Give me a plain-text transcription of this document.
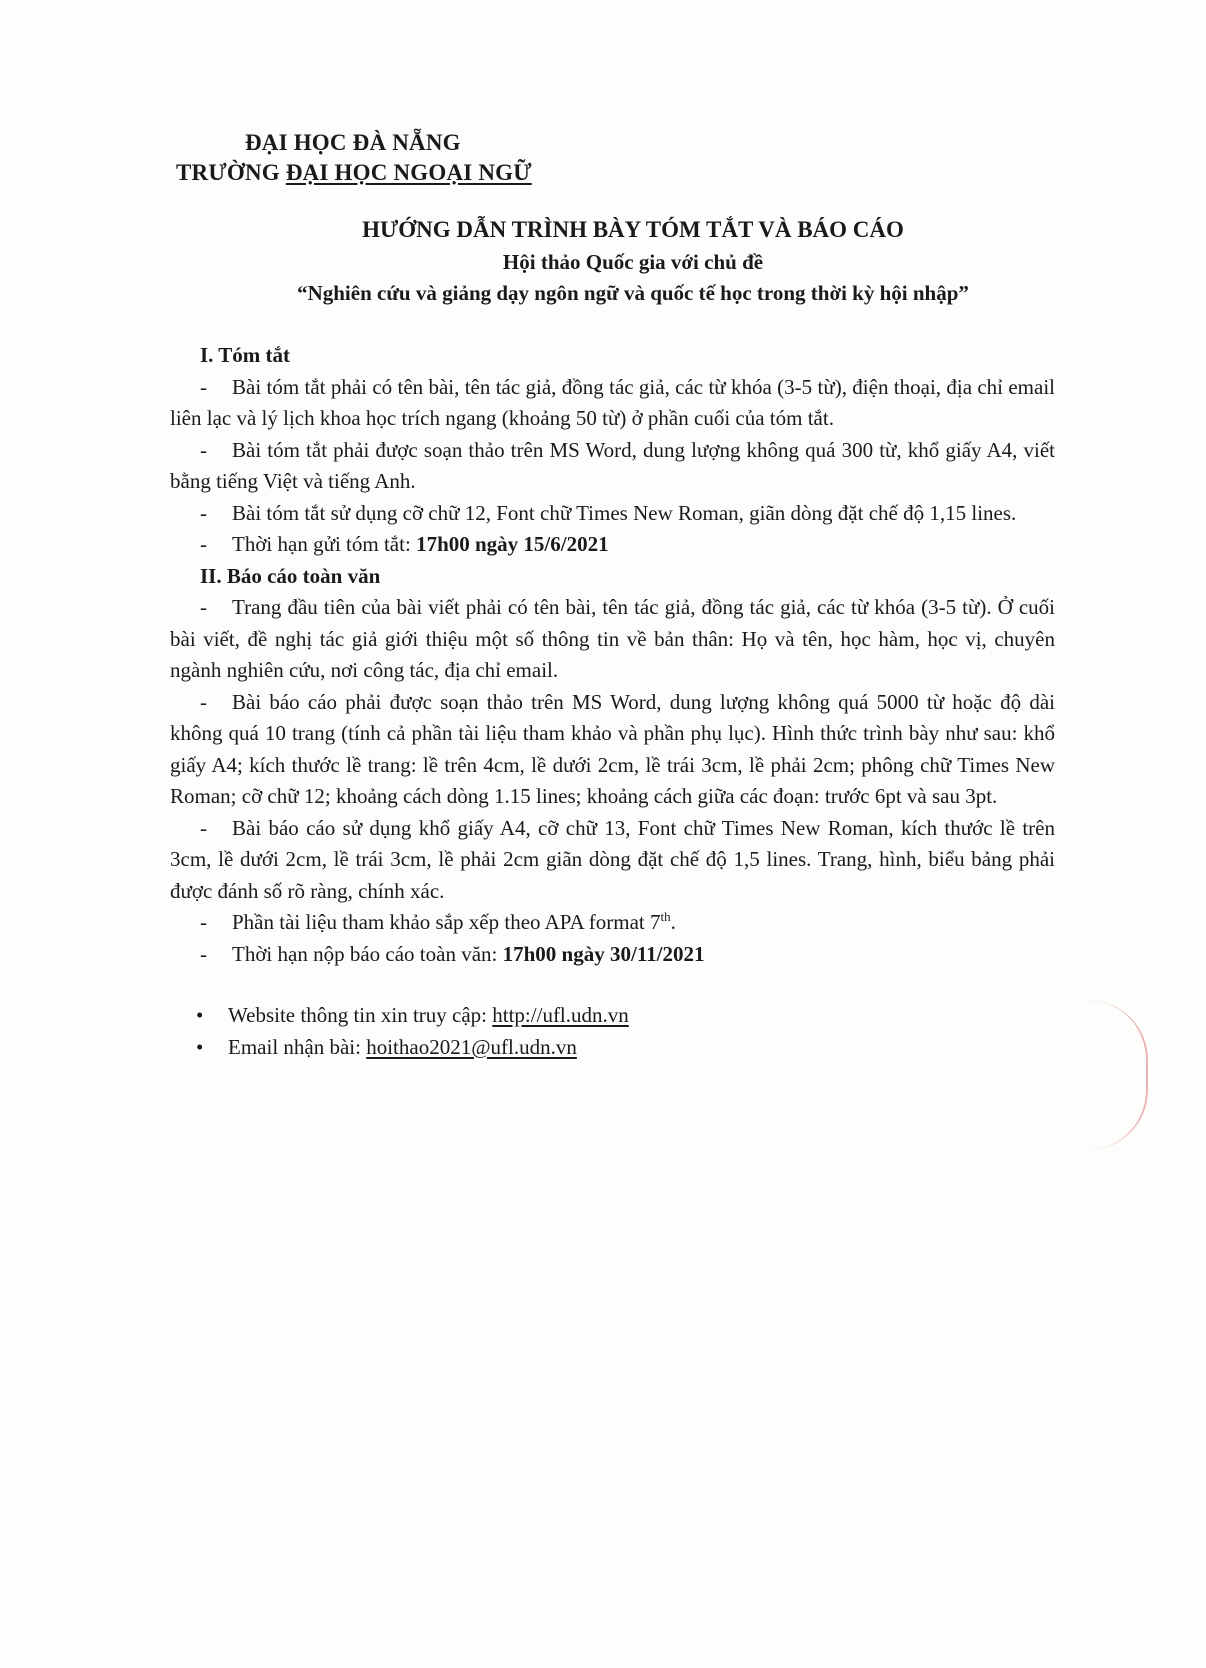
ĐẠI HỌC ĐÀ NẴNG
TRƯỜNG ĐẠI HỌC NGOẠI NGỮ
HƯỚNG DẪN TRÌNH BÀY TÓM TẮT VÀ BÁO CÁO
Hội thảo Quốc gia với chủ đề
“Nghiên cứu và giảng dạy ngôn ngữ và quốc tế học trong thời kỳ hội nhập”
I. Tóm tắt

- Bài tóm tắt phải có tên bài, tên tác giả, đồng tác giả, các từ khóa (3-5 từ), điện thoại, địa chỉ email liên lạc và lý lịch khoa học trích ngang (khoảng 50 từ) ở phần cuối của tóm tắt.

- Bài tóm tắt phải được soạn thảo trên MS Word, dung lượng không quá 300 từ, khổ giấy A4, viết bằng tiếng Việt và tiếng Anh.

- Bài tóm tắt sử dụng cỡ chữ 12, Font chữ Times New Roman, giãn dòng đặt chế độ 1,15 lines.

- Thời hạn gửi tóm tắt: 17h00 ngày 15/6/2021

II. Báo cáo toàn văn

- Trang đầu tiên của bài viết phải có tên bài, tên tác giả, đồng tác giả, các từ khóa (3-5 từ). Ở cuối bài viết, đề nghị tác giả giới thiệu một số thông tin về bản thân: Họ và tên, học hàm, học vị, chuyên ngành nghiên cứu, nơi công tác, địa chỉ email.

- Bài báo cáo phải được soạn thảo trên MS Word, dung lượng không quá 5000 từ hoặc độ dài không quá 10 trang (tính cả phần tài liệu tham khảo và phần phụ lục). Hình thức trình bày như sau: khổ giấy A4; kích thước lề trang: lề trên 4cm, lề dưới 2cm, lề trái 3cm, lề phải 2cm; phông chữ Times New Roman; cỡ chữ 12; khoảng cách dòng 1.15 lines; khoảng cách giữa các đoạn: trước 6pt và sau 3pt.

- Bài báo cáo sử dụng khổ giấy A4, cỡ chữ 13, Font chữ Times New Roman, kích thước lề trên 3cm, lề dưới 2cm, lề trái 3cm, lề phải 2cm giãn dòng đặt chế độ 1,5 lines. Trang, hình, biểu bảng phải được đánh số rõ ràng, chính xác.

- Phần tài liệu tham khảo sắp xếp theo APA format 7th.

- Thời hạn nộp báo cáo toàn văn: 17h00 ngày 30/11/2021

• Website thông tin xin truy cập: http://ufl.udn.vn
• Email nhận bài: hoithao2021@ufl.udn.vn
